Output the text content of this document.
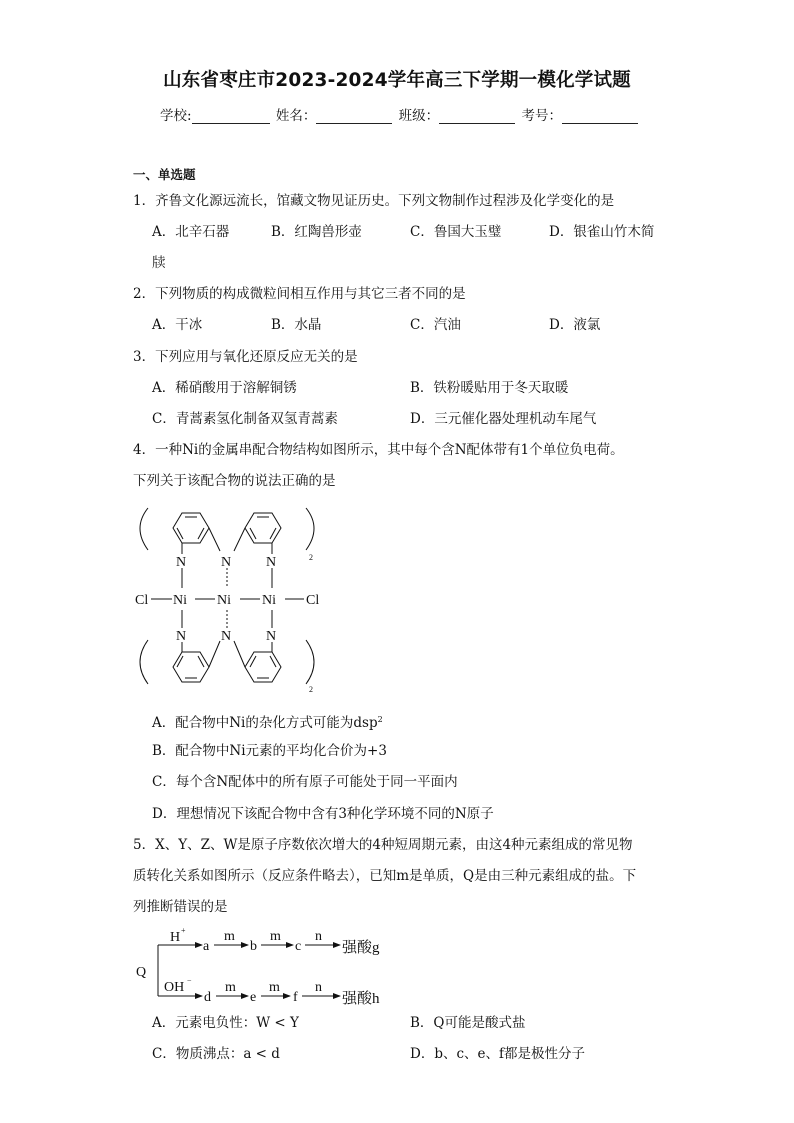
山东省枣庄市2023-2024学年高三下学期一模化学试题
学校:	姓名：	班级：	考号：
一、单选题
1．齐鲁文化源远流长，馆藏文物见证历史。下列文物制作过程涉及化学变化的是
A．北辛石器	B．红陶兽形壶	C．鲁国大玉璧	D．银雀山竹木简
牍
2．下列物质的构成微粒间相互作用与其它三者不同的是
A．干冰	B．水晶	C．汽油	D．液氯
3．下列应用与氧化还原反应无关的是
A．稀硝酸用于溶解铜锈	B．铁粉暖贴用于冬天取暖
C．青蒿素氢化制备双氢青蒿素	D．三元催化器处理机动车尾气
4．一种Ni的金属串配合物结构如图所示，其中每个含N配体带有1个单位负电荷。
下列关于该配合物的说法正确的是
N N N
Cl Ni Ni Ni Cl
N N N
2
2
A．配合物中Ni的杂化方式可能为dsp$^2$
B．配合物中Ni元素的平均化合价为+3
C．每个含N配体中的所有原子可能处于同一平面内
D．理想情况下该配合物中含有3种化学环境不同的N原子
5．X、Y、Z、W是原子序数依次增大的4种短周期元素，由这4种元素组成的常见物
质转化关系如图所示（反应条件略去），已知m是单质，Q是由三种元素组成的盐。下
列推断错误的是
Q
H +
OH −
a	b	c
m	m n
强酸g
d	e	f
m m	n
强酸h
A．元素电负性：W < Y	B．Q可能是酸式盐
C．物质沸点：a < d	D．b、c、e、f都是极性分子
